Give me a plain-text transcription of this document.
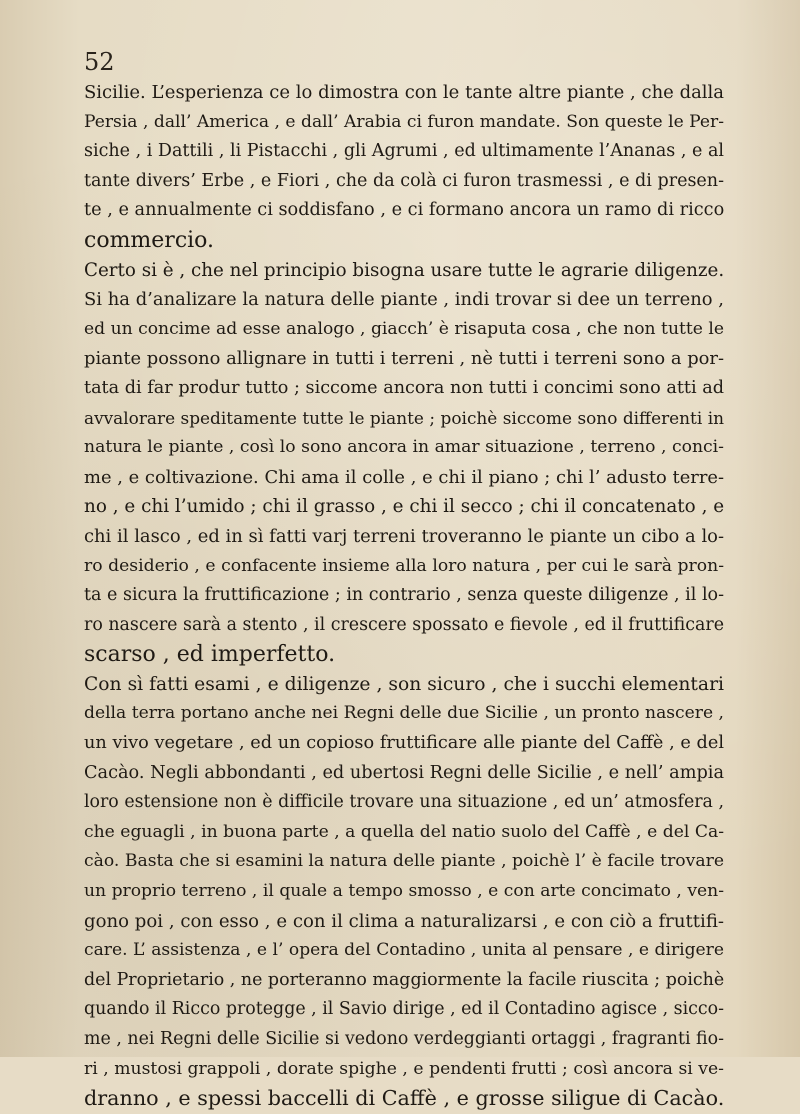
52
Sicilie. L’esperienza ce lo dimostra con le tante altre piante , che dalla
Persia , dall’ America , e dall’ Arabia ci furon mandate. Son queste le Per-
siche , i Dattili , li Pistacchi , gli Agrumi , ed ultimamente l’Ananas , e al
tante divers’ Erbe , e Fiori , che da colà ci furon trasmessi , e di presen-
te , e annualmente ci soddisfano , e ci formano ancora un ramo di ricco
commercio.
Certo si è , che nel principio bisogna usare tutte le agrarie diligenze.
Si ha d’analizare la natura delle piante , indi trovar si dee un terreno ,
ed un concime ad esse analogo , giacch’ è risaputa cosa , che non tutte le
piante possono allignare in tutti i terreni , nè tutti i terreni sono a por-
tata di far produr tutto ; siccome ancora non tutti i concimi sono atti ad
avvalorare speditamente tutte le piante ; poichè siccome sono differenti in
natura le piante , così lo sono ancora in amar situazione , terreno , conci-
me , e coltivazione. Chi ama il colle , e chi il piano ; chi l’ adusto terre-
no , e chi l’umido ; chi il grasso , e chi il secco ; chi il concatenato , e
chi il lasco , ed in sì fatti varj terreni troveranno le piante un cibo a lo-
ro desiderio , e confacente insieme alla loro natura , per cui le sarà pron-
ta e sicura la fruttificazione ; in contrario , senza queste diligenze , il lo-
ro nascere sarà a stento , il crescere spossato e fievole , ed il fruttificare
scarso , ed imperfetto.
Con sì fatti esami , e diligenze , son sicuro , che i succhi elementari
della terra portano anche nei Regni delle due Sicilie , un pronto nascere ,
un vivo vegetare , ed un copioso fruttificare alle piante del Caffè , e del
Cacào. Negli abbondanti , ed ubertosi Regni delle Sicilie , e nell’ ampia
loro estensione non è difficile trovare una situazione , ed un’ atmosfera ,
che eguagli , in buona parte , a quella del natio suolo del Caffè , e del Ca-
cào. Basta che si esamini la natura delle piante , poichè l’ è facile trovare
un proprio terreno , il quale a tempo smosso , e con arte concimato , ven-
gono poi , con esso , e con il clima a naturalizarsi , e con ciò a fruttifi-
care. L’ assistenza , e l’ opera del Contadino , unita al pensare , e dirigere
del Proprietario , ne porteranno maggiormente la facile riuscita ; poichè
quando il Ricco protegge , il Savio dirige , ed il Contadino agisce , sicco-
me , nei Regni delle Sicilie si vedono verdeggianti ortaggi , fragranti fio-
ri , mustosi grappoli , dorate spighe , e pendenti frutti ; così ancora si ve-
dranno , e spessi baccelli di Caffè , e grosse siligue di Cacào.
